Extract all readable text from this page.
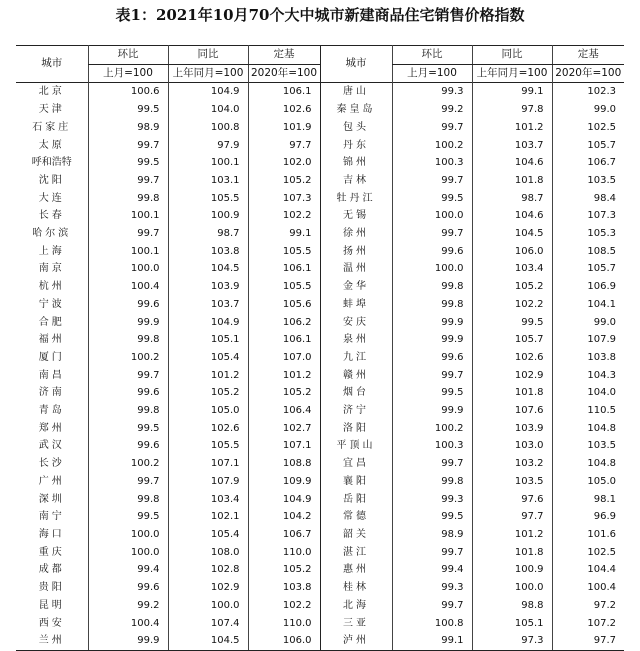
表1：2021年10月70个大中城市新建商品住宅销售价格指数
城市	环比	同比	定基	城市	环比	同比	定基
	上月=100	上年同月=100	2020年=100		上月=100	上年同月=100	2020年=100
北京	100.6	104.9	106.1	唐山	99.3	99.1	102.3
天津	99.5	104.0	102.6	秦皇岛	99.2	97.8	99.0
石家庄	98.9	100.8	101.9	包头	99.7	101.2	102.5
太原	99.7	97.9	97.7	丹东	100.2	103.7	105.7
呼和浩特	99.5	100.1	102.0	锦州	100.3	104.6	106.7
沈阳	99.7	103.1	105.2	吉林	99.7	101.8	103.5
大连	99.8	105.5	107.3	牡丹江	99.5	98.7	98.4
长春	100.1	100.9	102.2	无锡	100.0	104.6	107.3
哈尔滨	99.7	98.7	99.1	徐州	99.7	104.5	105.3
上海	100.1	103.8	105.5	扬州	99.6	106.0	108.5
南京	100.0	104.5	106.1	温州	100.0	103.4	105.7
杭州	100.4	103.9	105.5	金华	99.8	105.2	106.9
宁波	99.6	103.7	105.6	蚌埠	99.8	102.2	104.1
合肥	99.9	104.9	106.2	安庆	99.9	99.5	99.0
福州	99.8	105.1	106.1	泉州	99.9	105.7	107.9
厦门	100.2	105.4	107.0	九江	99.6	102.6	103.8
南昌	99.7	101.2	101.2	赣州	99.7	102.9	104.3
济南	99.6	105.2	105.2	烟台	99.5	101.8	104.0
青岛	99.8	105.0	106.4	济宁	99.9	107.6	110.5
郑州	99.5	102.6	102.7	洛阳	100.2	103.9	104.8
武汉	99.6	105.5	107.1	平顶山	100.3	103.0	103.5
长沙	100.2	107.1	108.8	宜昌	99.7	103.2	104.8
广州	99.7	107.9	109.9	襄阳	99.8	103.5	105.0
深圳	99.8	103.4	104.9	岳阳	99.3	97.6	98.1
南宁	99.5	102.1	104.2	常德	99.5	97.7	96.9
海口	100.0	105.4	106.7	韶关	98.9	101.2	101.6
重庆	100.0	108.0	110.0	湛江	99.7	101.8	102.5
成都	99.4	102.8	105.2	惠州	99.4	100.9	104.4
贵阳	99.6	102.9	103.8	桂林	99.3	100.0	100.4
昆明	99.2	100.0	102.2	北海	99.7	98.8	97.2
西安	100.4	107.4	110.0	三亚	100.8	105.1	107.2
兰州	99.9	104.5	106.0	泸州	99.1	97.3	97.7
